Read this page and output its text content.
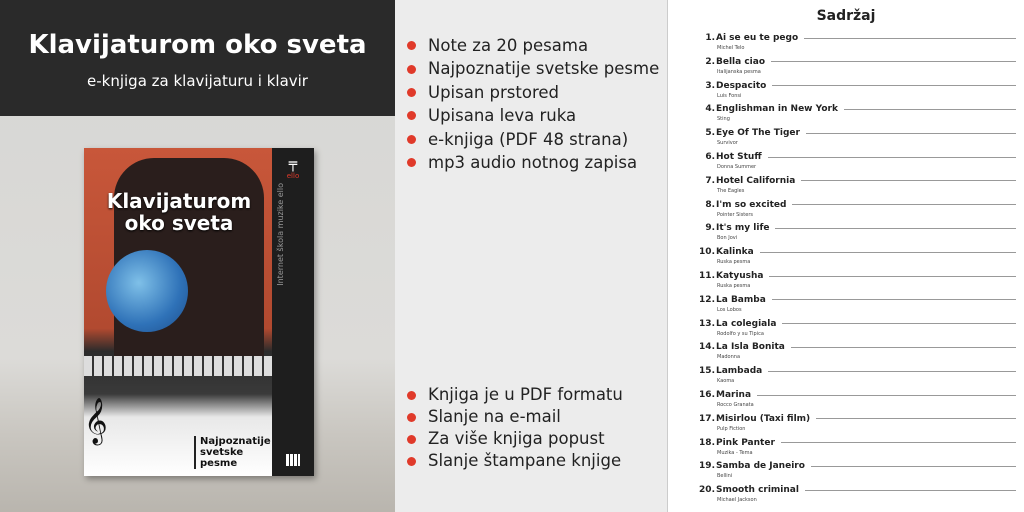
Klavijaturom oko sveta
e-knjiga za klavijaturu i klavir
Klavijaturom
oko sveta
𝄞	Najpoznatije
svetske
pesme
╤
ello
Internet škola muzike ello
Note za 20 pesama
Najpoznatije svetske pesme
Upisan prstored
Upisana leva ruka
e-knjiga (PDF 48 strana)
mp3 audio notnog zapisa
Knjiga je u PDF formatu
Slanje na e-mail
Za više knjiga popust
Slanje štampane knjige
Sadržaj
1. Ai se eu te pego
Michel Telo
2. Bella ciao
Italijanska pesma
3. Despacito
Luis Fonsi
4. Englishman in New York
Sting
5. Eye Of The Tiger
Survivor
6. Hot Stuff
Donna Summer
7. Hotel California
The Eagles
8. I'm so excited
Pointer Sisters
9. It's my life
Bon Jovi
10. Kalinka
Ruska pesma
11. Katyusha
Ruska pesma
12. La Bamba
Los Lobos
13. La colegiala
Rodolfo y su Tipica
14. La Isla Bonita
Madonna
15. Lambada
Kaoma
16. Marina
Rocco Granata
17. Misirlou (Taxi film)
Pulp Fiction
18. Pink Panter
Muzika - Tema
19. Samba de Janeiro
Bellini
20. Smooth criminal
Michael Jackson
